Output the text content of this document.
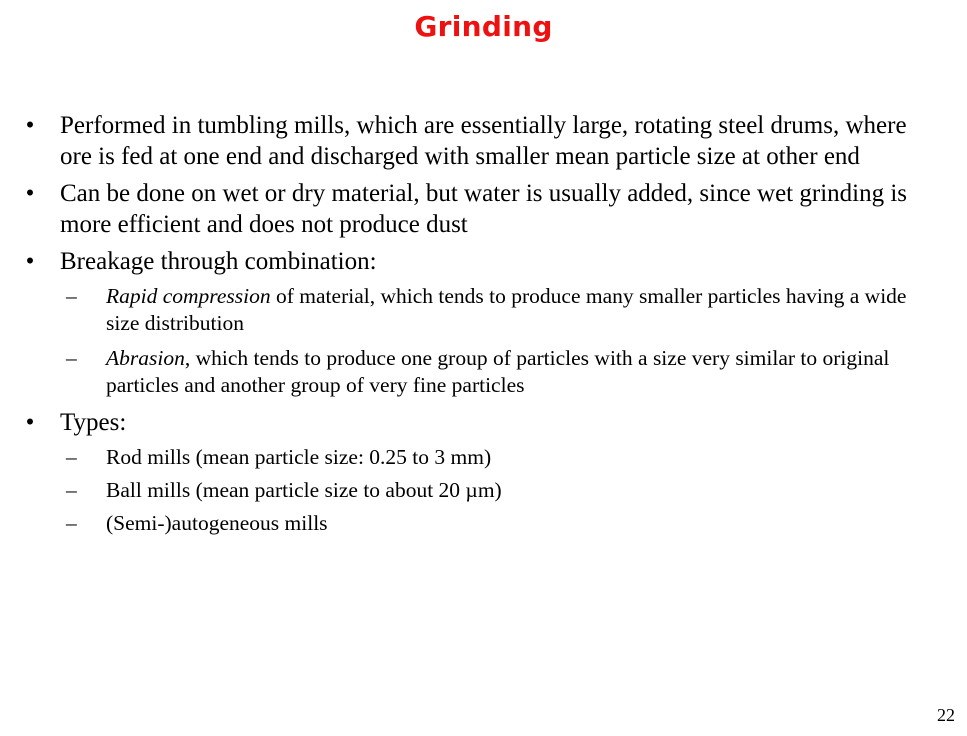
Grinding
• Performed in tumbling mills, which are essentially large, rotating steel drums, where ore is fed at one end and discharged with smaller mean particle size at other end
• Can be done on wet or dry material, but water is usually added, since wet grinding is more efficient and does not produce dust
• Breakage through combination:
– Rapid compression of material, which tends to produce many smaller particles having a wide size distribution
– Abrasion, which tends to produce one group of particles with a size very similar to original particles and another group of very fine particles
• Types:
– Rod mills (mean particle size: 0.25 to 3 mm)
– Ball mills (mean particle size to about 20 µm)
– (Semi-)autogeneous mills
22
